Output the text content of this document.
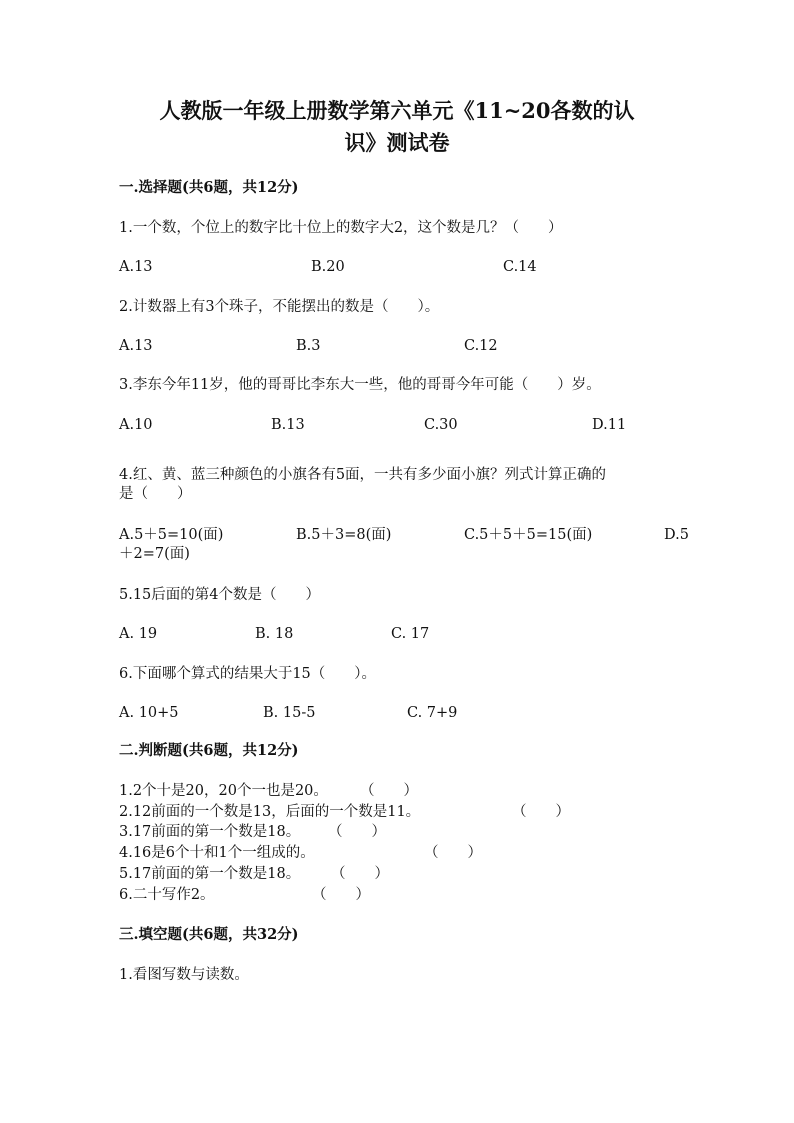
人教版一年级上册数学第六单元《11~20各数的认
识》测试卷
一.选择题(共6题，共12分)
1.一个数，个位上的数字比十位上的数字大2，这个数是几？（　　）
A.13	B.20	C.14
2.计数器上有3个珠子，不能摆出的数是（　　）。
A.13	B.3	C.12
3.李东今年11岁，他的哥哥比李东大一些，他的哥哥今年可能（　　）岁。
A.10	B.13	C.30	D.11
4.红、黄、蓝三种颜色的小旗各有5面，一共有多少面小旗？列式计算正确的
是（　　）
A.5＋5=10(面)	B.5＋3=8(面)	C.5＋5＋5=15(面)	D.5
＋2=7(面)
5.15后面的第4个数是（　　）
A. 19	B. 18	C. 17
6.下面哪个算式的结果大于15（　　）。
A. 10+5	B. 15-5	C. 7+9
二.判断题(共6题，共12分)
1.2个十是20，20个一也是20。 （　　）
2.12前面的一个数是13，后面的一个数是11。	（　　）
3.17前面的第一个数是18。 （　　）
4.16是6个十和1个一组成的。	（　　）
5.17前面的第一个数是18。 （　　）
6.二十写作2。	（　　）
三.填空题(共6题，共32分)
1.看图写数与读数。
